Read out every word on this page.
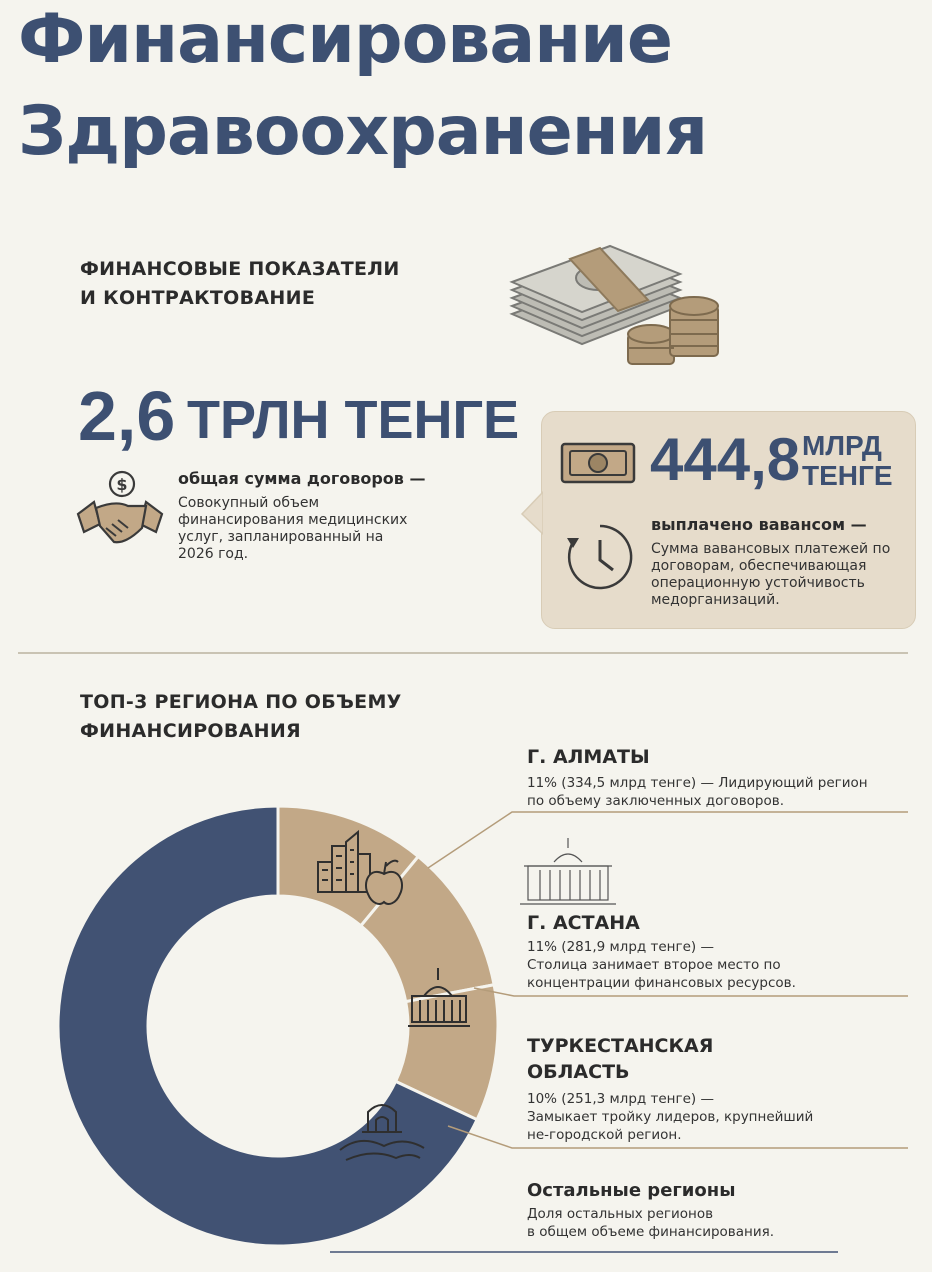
Финансирование
Здравоохранения
ФИНАНСОВЫЕ ПОКАЗАТЕЛИ
И КОНТРАКТОВАНИЕ
2,6 ТРЛН ТЕНГЕ
$	общая сумма договоров —
Совокупный объем
финансирования медицинских
услуг, запланированный на
2026 год.
444,8 МЛРД
ТЕНГЕ
выплачено вавансом —
Сумма вавансовых платежей по
договорам, обеспечивающая
операционную устойчивость
медорганизаций.
ТОП-3 РЕГИОНА ПО ОБЪЕМУ
ФИНАНСИРОВАНИЯ
Г. АЛМАТЫ
11% (334,5 млрд тенге) — Лидирующий регион
по объему заключенных договоров.
Г. АСТАНА
11% (281,9 млрд тенге) —
Столица занимает второе место по
концентрации финансовых ресурсов.
ТУРКЕСТАНСКАЯ
ОБЛАСТЬ
10% (251,3 млрд тенге) —
Замыкает тройку лидеров, крупнейший
не-городской регион.
Остальные регионы
Доля остальных регионов
в общем объеме финансирования.
